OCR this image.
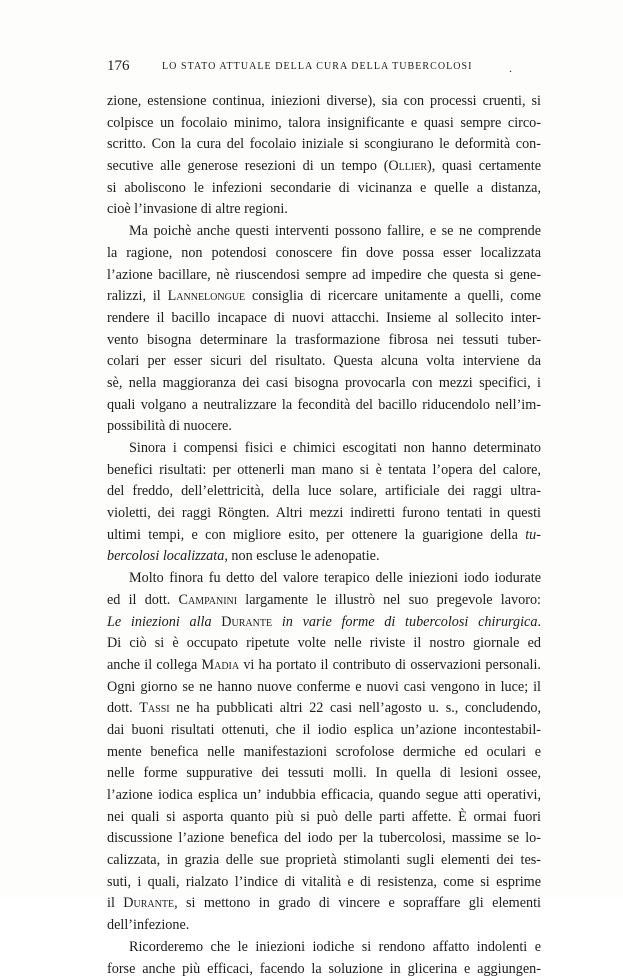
176	LO STATO ATTUALE DELLA CURA DELLA TUBERCOLOSI	.
zione, estensione continua, iniezioni diverse), sia con processi cruenti, si
colpisce un focolaio minimo, talora insignificante e quasi sempre circo-
scritto. Con la cura del focolaio iniziale si scongiurano le deformità con-
secutive alle generose resezioni di un tempo (Ollier), quasi certamente
si aboliscono le infezioni secondarie di vicinanza e quelle a distanza,
cioè l’invasione di altre regioni.
Ma poichè anche questi interventi possono fallire, e se ne comprende
la ragione, non potendosi conoscere fin dove possa esser localizzata
l’azione bacillare, nè riuscendosi sempre ad impedire che questa si gene-
ralizzi, il Lannelongue consiglia di ricercare unitamente a quelli, come
rendere il bacillo incapace di nuovi attacchi. Insieme al sollecito inter-
vento bisogna determinare la trasformazione fibrosa nei tessuti tuber-
colari per esser sicuri del risultato. Questa alcuna volta interviene da
sè, nella maggioranza dei casi bisogna provocarla con mezzi specifici, i
quali volgano a neutralizzare la fecondità del bacillo riducendolo nell’im-
possibilità di nuocere.
Sinora i compensi fisici e chimici escogitati non hanno determinato
benefici risultati: per ottenerli man mano si è tentata l’opera del calore,
del freddo, dell’elettricità, della luce solare, artificiale dei raggi ultra-
violetti, dei raggi Röngten. Altri mezzi indiretti furono tentati in questi
ultimi tempi, e con migliore esito, per ottenere la guarigione della tu-
bercolosi localizzata, non escluse le adenopatie.
Molto finora fu detto del valore terapico delle iniezioni iodo iodurate
ed il dott. Campanini largamente le illustrò nel suo pregevole lavoro:
Le iniezioni alla Durante in varie forme di tubercolosi chirurgica.
Di ciò si è occupato ripetute volte nelle riviste il nostro giornale ed
anche il collega Madia vi ha portato il contributo di osservazioni personali.
Ogni giorno se ne hanno nuove conferme e nuovi casi vengono in luce; il
dott. Tassi ne ha pubblicati altri 22 casi nell’agosto u. s., concludendo,
dai buoni risultati ottenuti, che il iodio esplica un’azione incontestabil-
mente benefica nelle manifestazioni scrofolose dermiche ed oculari e
nelle forme suppurative dei tessuti molli. In quella di lesioni ossee,
l’azione iodica esplica un’ indubbia efficacia, quando segue atti operativi,
nei quali si asporta quanto più si può delle parti affette. È ormai fuori
discussione l’azione benefica del iodo per la tubercolosi, massime se lo-
calizzata, in grazia delle sue proprietà stimolanti sugli elementi dei tes-
suti, i quali, rialzato l’indice di vitalità e di resistenza, come si esprime
il Durante, si mettono in grado di vincere e sopraffare gli elementi
dell’infezione.
Ricorderemo che le iniezioni iodiche si rendono affatto indolenti e
forse anche più efficaci, facendo la soluzione in glicerina e aggiungen-
